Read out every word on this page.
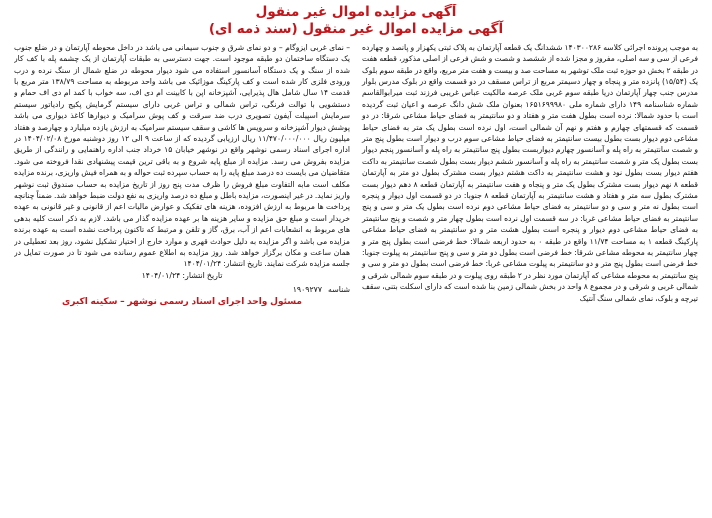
آگهی مزایده اموال غیر منقول
آگهی مزایده اموال غیر منقول (سند ذمه ای)
به موجب پرونده اجرائی کلاسه ۱۴۰۳۰۰۲۸۶ ششدانگ یک قطعه آپارتمان به پلاک ثبتی یکهزار و پانصد و چهارده فرعی از سی و سه اصلی، مفروز و مجزا شده از ششصد و شصت و شش فرعی از اصلی مذکور، قطعه هفت در طبقه ۲ بخش دو حوزه ثبت ملک توشهر به مساحت صد و بیست و هفت متر مربع، واقع در طبقه سوم بلوک یک (۱۵/۵۴) پانزده متر و پنجاه و چهار دسیمتر مربع از تراس مسقف در دو قسمت واقع در بلوک مدرس بلوار مدرس جنب چهار آپارتمان دریا طبقه سوم غربی ملک عرصه مالکیت عباس غریبی فرزند ثبت میرابوالقاسم شماره شناسنامه ۱۴۹ دارای شماره ملی ۱۶۵۱۶۹۹۹۸۰ بعنوان ملک شش دانگ عرصه و اعیان ثبت گردیده است با حدود شمالا: نرده است بطول هفت متر و هفتاد و دو سانتیمتر به فضای حیاط مشاعی شرقا: در دو قسمت که قسمتهای چهارم و هفتم و نهم آن شمالی است، اول نرده است بطول یک متر به فضای حیاط مشاعی دوم دیوار بست بطول بیست سانتیمتر به فضای حیاط مشاعی سوم درب و دیوار است بطول پنج متر و شصت سانتیمتر به راه پله و آسانسور چهارم دیواربست بطول پنج سانتیمتر به راه پله و آسانسور پنجم دیوار بست بطول یک متر و شصت سانتیمتر به راه پله و آسانسور ششم دیوار بست بطول شصت سانتیمتر به داکت هفتم دیوار بست بطول نود و هشت سانتیمتر به داکت هشتم دیوار بست مشترک بطول دو متر به آپارتمان قطعه ۸ نهم دیوار بست مشترک بطول یک متر و پنجاه و هفت سانتیمتر به آپارتمان قطعه ۸ دهم دیوار بست مشترک بطول سه متر و هفتاد و هشت سانتیمتر به آپارتمان قطعه ۸ جنوبا: در دو قسمت اول دیوار و پنجره است بطول نه متر و سی و دو سانتیمتر به فضای حیاط مشاعی دوم نرده است بطول یک متر و سی و پنج سانتیمتر به فضای حیاط مشاعی غربا: در سه قسمت اول نرده است بطول چهار متر و شصت و پنج سانتیمتر به فضای حیاط مشاعی دوم دیوار و پنجره است بطول هشت متر و دو سانتیمتر به فضای حیاط مشاعی پارکینگ قطعه ۱ به مساحت ۱۱/۷۴ واقع در طبقه ۰ به حدود اربعه شمالا: خط فرضی است بطول پنج متر و چهار سانتیمتر به محوطه مشاعی شرقا: خط فرضی است بطول دو متر و سی و پنج سانتیمتر به پیلوت جنوبا: خط فرضی است بطول پنج متر و دو سانتیمتر به پیلوت مشاعی غربا: خط فرضی است بطول دو متر و سی و پنج سانتیمتر به محوطه مشاعی که آپارتمان مورد نظر در ۲ طبقه روی پیلوت و در طبقه سوم شمالی شرقی و شمالی غربی و شرقی و در مجموع ۸ واحد در بخش شمالی زمین بنا شده است که دارای اسکلت بتنی، سقف تیرچه و بلوک، نمای شمالی سنگ آنتیک
– نمای غربی ایزوگام – و دو نمای شرق و جنوب سیمانی می باشد در داخل محوطه آپارتمان و در ضلع جنوب یک دستگاه ساختمان دو طبقه موجود است. جهت دسترسی به طبقات آپارتمان از یک چشمه پله با کف کار شده از سنگ و یک دستگاه آسانسور استفاده می شود دیوار محوطه در ضلع شمال از سنگ نرده و درب ورودی فلزی کار شده است و کف پارکینگ موزائیک می باشد واحد مربوطه به مساحت ۱۳۸/۷۹ متر مربع با قدمت ۱۴ سال شامل هال پذیرایی، آشپزخانه اپن با کابینت ام دی اف، سه خواب با کمد ام دی اف حمام و دستشویی با توالت فرنگی، تراس شمالی و تراس غربی دارای سیستم گرمایش پکیج رادیاتور سیستم سرمایش اسپیلت آیفون تصویری درب ضد سرقت و کف پوش سرامیک و دیوارها کاغذ دیواری می باشد پوشش دیوار آشپزخانه و سرویس ها کاشی و سقف سیستم سرامیک به ارزش یازده میلیارد و چهارصد و هفتاد میلیون ریال ۱۱/۴۷۰/۰۰۰/۰۰۰ ریال ارزیابی گردیده که از ساعت ۹ الی ۱۲ روز دوشنبه مورخ ۱۴۰۴/۰۲/۰۸ در اداره اجرای اسناد رسمی نوشهر واقع در نوشهر خیابان ۱۵ خرداد جنب اداره راهنمایی و رانندگی از طریق مزایده بفروش می رسد. مزایده از مبلغ پایه شروع و به باقی ترین قیمت پیشنهادی نقدا فروخته می شود. متقاضیان می بایست ده درصد مبلغ پایه را به حساب سپرده ثبت حواله و به همراه فیش واریزی، برنده مزایده مکلف است مابه التفاوت مبلغ فروش را ظرف مدت پنج روز از تاریخ مزایده به حساب صندوق ثبت نوشهر واریز نماید. در غیر اینصورت، مزایده باطل و مبلغ ده درصد واریزی به نفع دولت ضبط خواهد شد. ضمناً چنانچه پرداخت ها مربوط به ارزش افزوده، هزینه های تفکیک و عوارض مالیات اعم از قانونی و غیر قانونی به عهده خریدار است و مبلغ حق مزایده و سایر هزینه ها بر عهده مزایده گذار می باشد. لازم به ذکر است کلیه بدهی های مربوط به انشعابات اعم از آب، برق، گاز و تلفن و مرتبط که تاکنون پرداخت نشده است به عهده برنده مزایده می باشد و اگر مزایده به دلیل حوادث قهری و موارد خارج از اختیار تشکیل نشود، روز بعد تعطیلی در همان ساعت و مکان برگزار خواهد شد. روز مزایده به اطلاع عموم رسانده می شود تا در صورت تمایل در جلسه مزایده شرکت نمایند. تاریخ انتشار: ۱۴۰۴/۰۱/۲۴
تاریخ انتشار: ۱۴۰۴/۰۱/۲۴
شناسه
۱۹۰۹۲۷۷
مسئول واحد اجرای اسناد رسمی نوشهر – سکینه اکبری
